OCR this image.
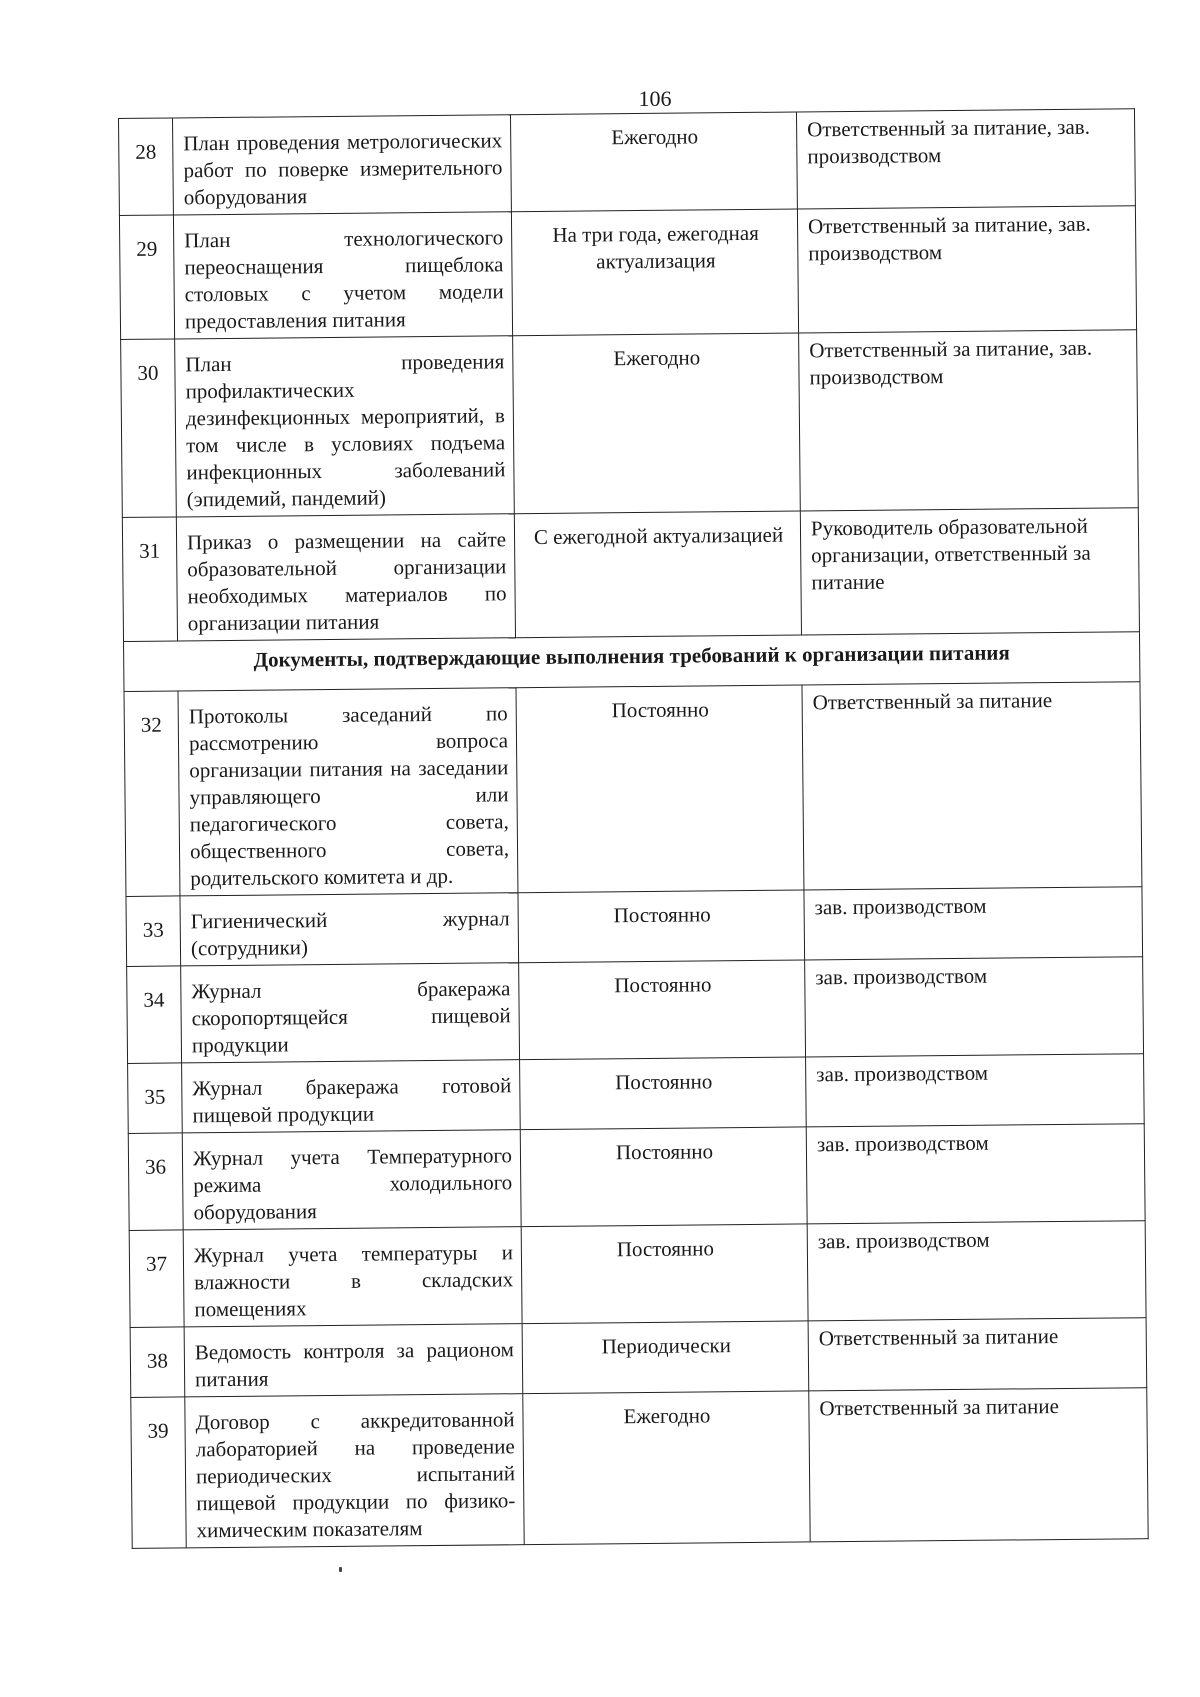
106
28	План проведения метрологических работ по поверке измерительного оборудования	Ежегодно	Ответственный за питание, зав. производством
29	План технологического переоснащения пищеблока столовых с учетом модели предоставления питания	На три года, ежегодная актуализация	Ответственный за питание, зав. производством
30	План проведения профилактических дезинфекционных мероприятий, в том числе в условиях подъема инфекционных заболеваний (эпидемий, пандемий)	Ежегодно	Ответственный за питание, зав. производством
31	Приказ о размещении на сайте образовательной организации необходимых материалов по организации питания	С ежегодной актуализацией	Руководитель образовательной организации, ответственный за питание
Документы, подтверждающие выполнения требований к организации питания			
32	Протоколы заседаний по рассмотрению вопроса организации питания на заседании управляющего или педагогического совета, общественного совета, родительского комитета и др.	Постоянно	Ответственный за питание
33	Гигиенический журнал (сотрудники)	Постоянно	зав. производством
34	Журнал бракеража скоропортящейся пищевой продукции	Постоянно	зав. производством
35	Журнал бракеража готовой пищевой продукции	Постоянно	зав. производством
36	Журнал учета Температурного режима холодильного оборудования	Постоянно	зав. производством
37	Журнал учета температуры и влажности в складских помещениях	Постоянно	зав. производством
38	Ведомость контроля за рационом питания	Периодически	Ответственный за питание
39	Договор с аккредитованной лабораторией на проведение периодических испытаний пищевой продукции по физико-химическим показателям	Ежегодно	Ответственный за питание
